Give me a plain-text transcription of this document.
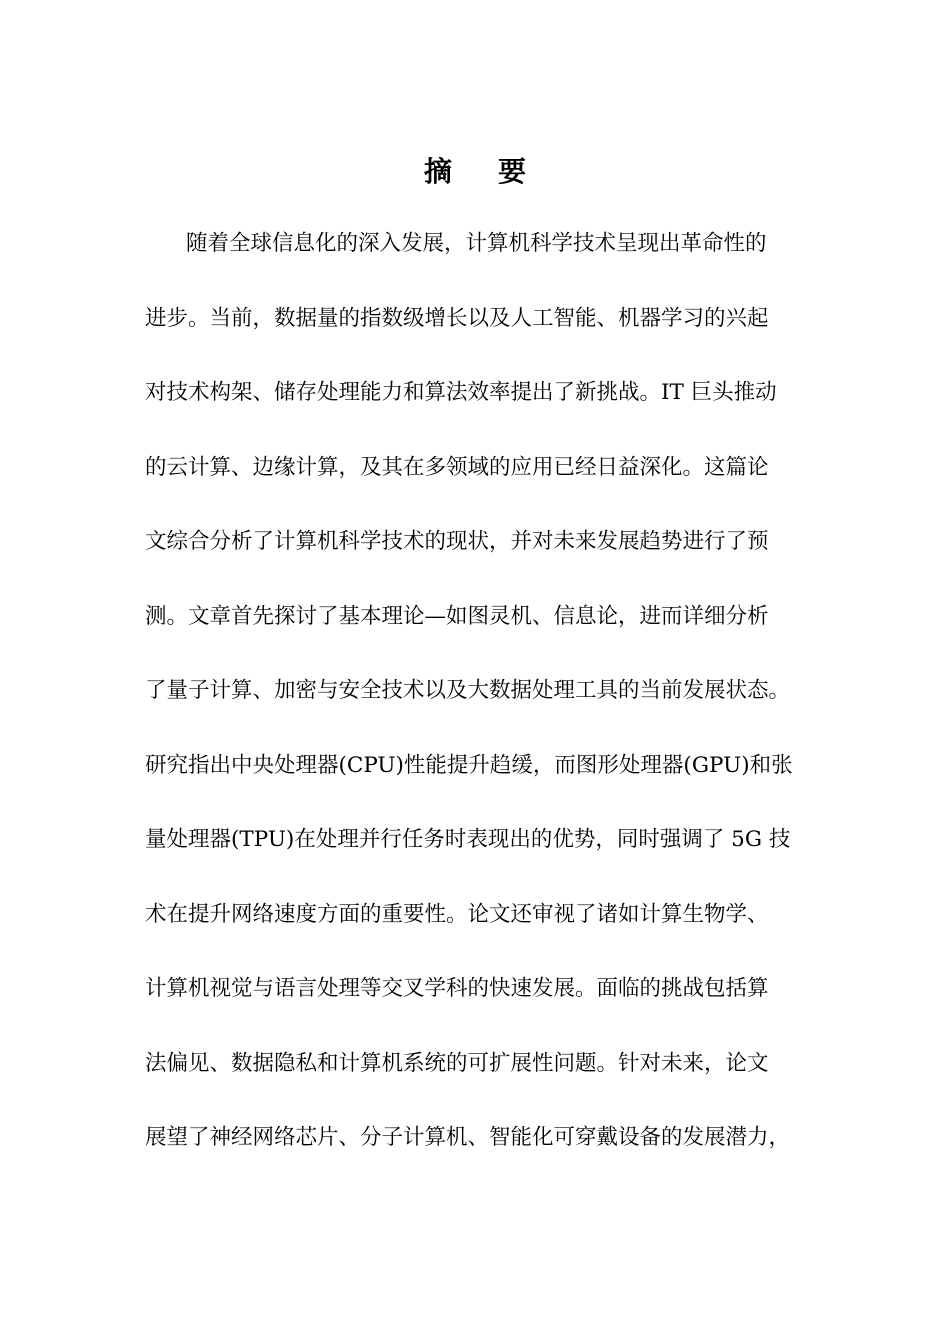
摘 要
随着全球信息化的深入发展，计算机科学技术呈现出革命性的
进步。当前，数据量的指数级增长以及人工智能、机器学习的兴起
对技术构架、储存处理能力和算法效率提出了新挑战。IT 巨头推动
的云计算、边缘计算，及其在多领域的应用已经日益深化。这篇论
文综合分析了计算机科学技术的现状，并对未来发展趋势进行了预
测。文章首先探讨了基本理论—如图灵机、信息论，进而详细分析
了量子计算、加密与安全技术以及大数据处理工具的当前发展状态。
研究指出中央处理器(CPU)性能提升趋缓，而图形处理器(GPU)和张
量处理器(TPU)在处理并行任务时表现出的优势，同时强调了 5G 技
术在提升网络速度方面的重要性。论文还审视了诸如计算生物学、
计算机视觉与语言处理等交叉学科的快速发展。面临的挑战包括算
法偏见、数据隐私和计算机系统的可扩展性问题。针对未来，论文
展望了神经网络芯片、分子计算机、智能化可穿戴设备的发展潜力，
